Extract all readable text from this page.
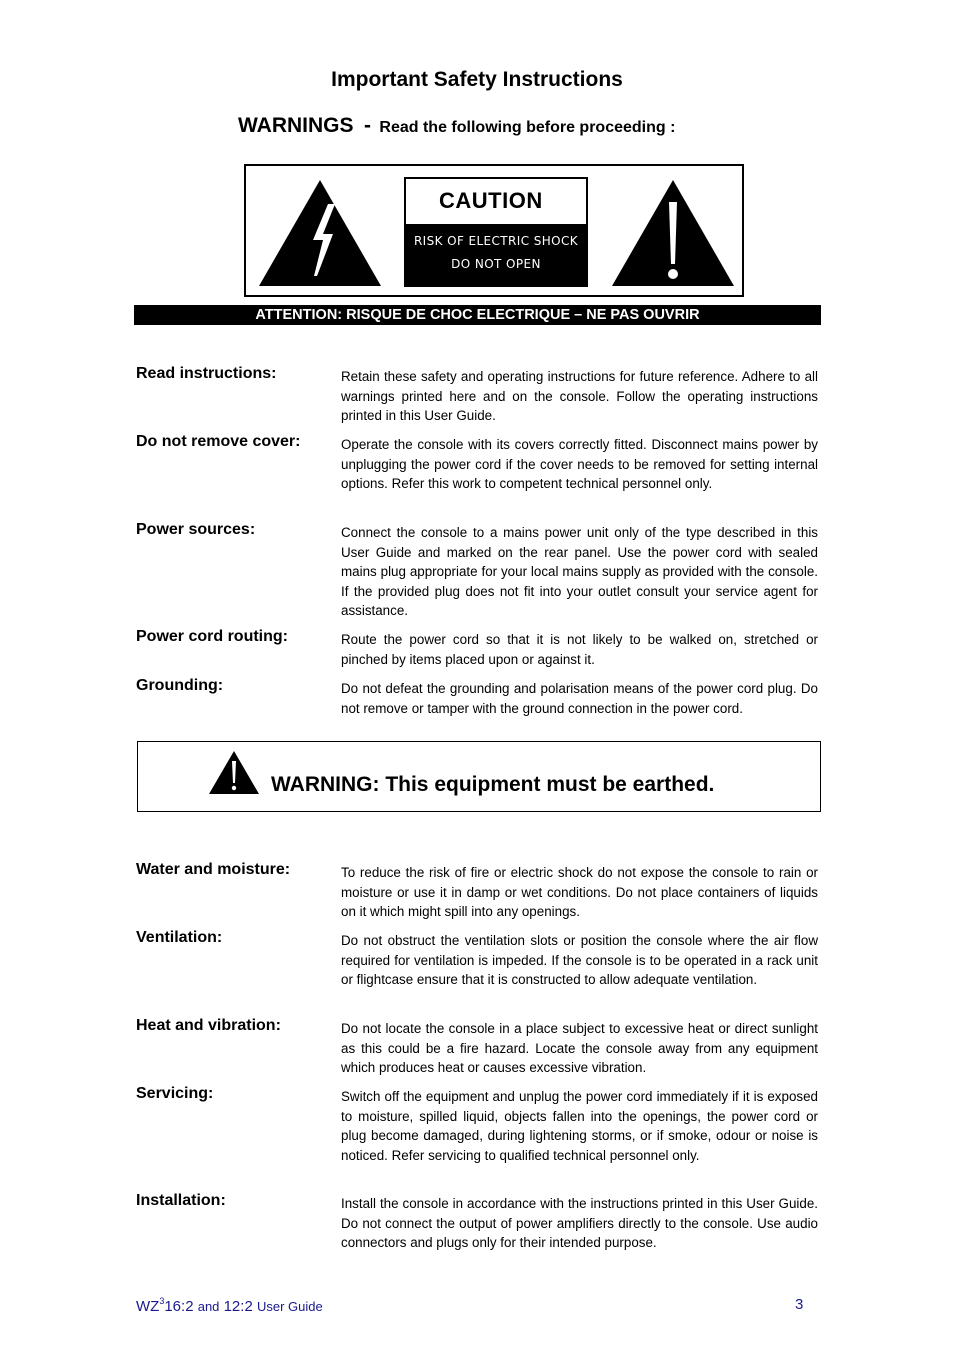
Important Safety Instructions
WARNINGS - Read the following before proceeding :
CAUTION
RISK OF ELECTRIC SHOCK
DO NOT OPEN
ATTENTION: RISQUE DE CHOC ELECTRIQUE – NE PAS OUVRIR
Read instructions:	Retain these safety and operating instructions for future reference. Adhere to all warnings printed here and on the console. Follow the operating instructions printed in this User Guide.
Do not remove cover:	Operate the console with its covers correctly fitted. Disconnect mains power by unplugging the power cord if the cover needs to be removed for setting internal options. Refer this work to competent technical personnel only.
Power sources:	Connect the console to a mains power unit only of the type described in this User Guide and marked on the rear panel. Use the power cord with sealed mains plug appropriate for your local mains supply as provided with the console. If the provided plug does not fit into your outlet consult your service agent for assistance.
Power cord routing:	Route the power cord so that it is not likely to be walked on, stretched or pinched by items placed upon or against it.
Grounding:	Do not defeat the grounding and polarisation means of the power cord plug. Do not remove or tamper with the ground connection in the power cord.
WARNING: This equipment must be earthed.
Water and moisture:	To reduce the risk of fire or electric shock do not expose the console to rain or moisture or use it in damp or wet conditions. Do not place containers of liquids on it which might spill into any openings.
Ventilation:	Do not obstruct the ventilation slots or position the console where the air flow required for ventilation is impeded. If the console is to be operated in a rack unit or flightcase ensure that it is constructed to allow adequate ventilation.
Heat and vibration:	Do not locate the console in a place subject to excessive heat or direct sunlight as this could be a fire hazard. Locate the console away from any equipment which produces heat or causes excessive vibration.
Servicing:	Switch off the equipment and unplug the power cord immediately if it is exposed to moisture, spilled liquid, objects fallen into the openings, the power cord or plug become damaged, during lightening storms, or if smoke, odour or noise is noticed. Refer servicing to qualified technical personnel only.
Installation:	Install the console in accordance with the instructions printed in this User Guide. Do not connect the output of power amplifiers directly to the console. Use audio connectors and plugs only for their intended purpose.
$WZ^316:2$ and 12:2 User Guide	3
